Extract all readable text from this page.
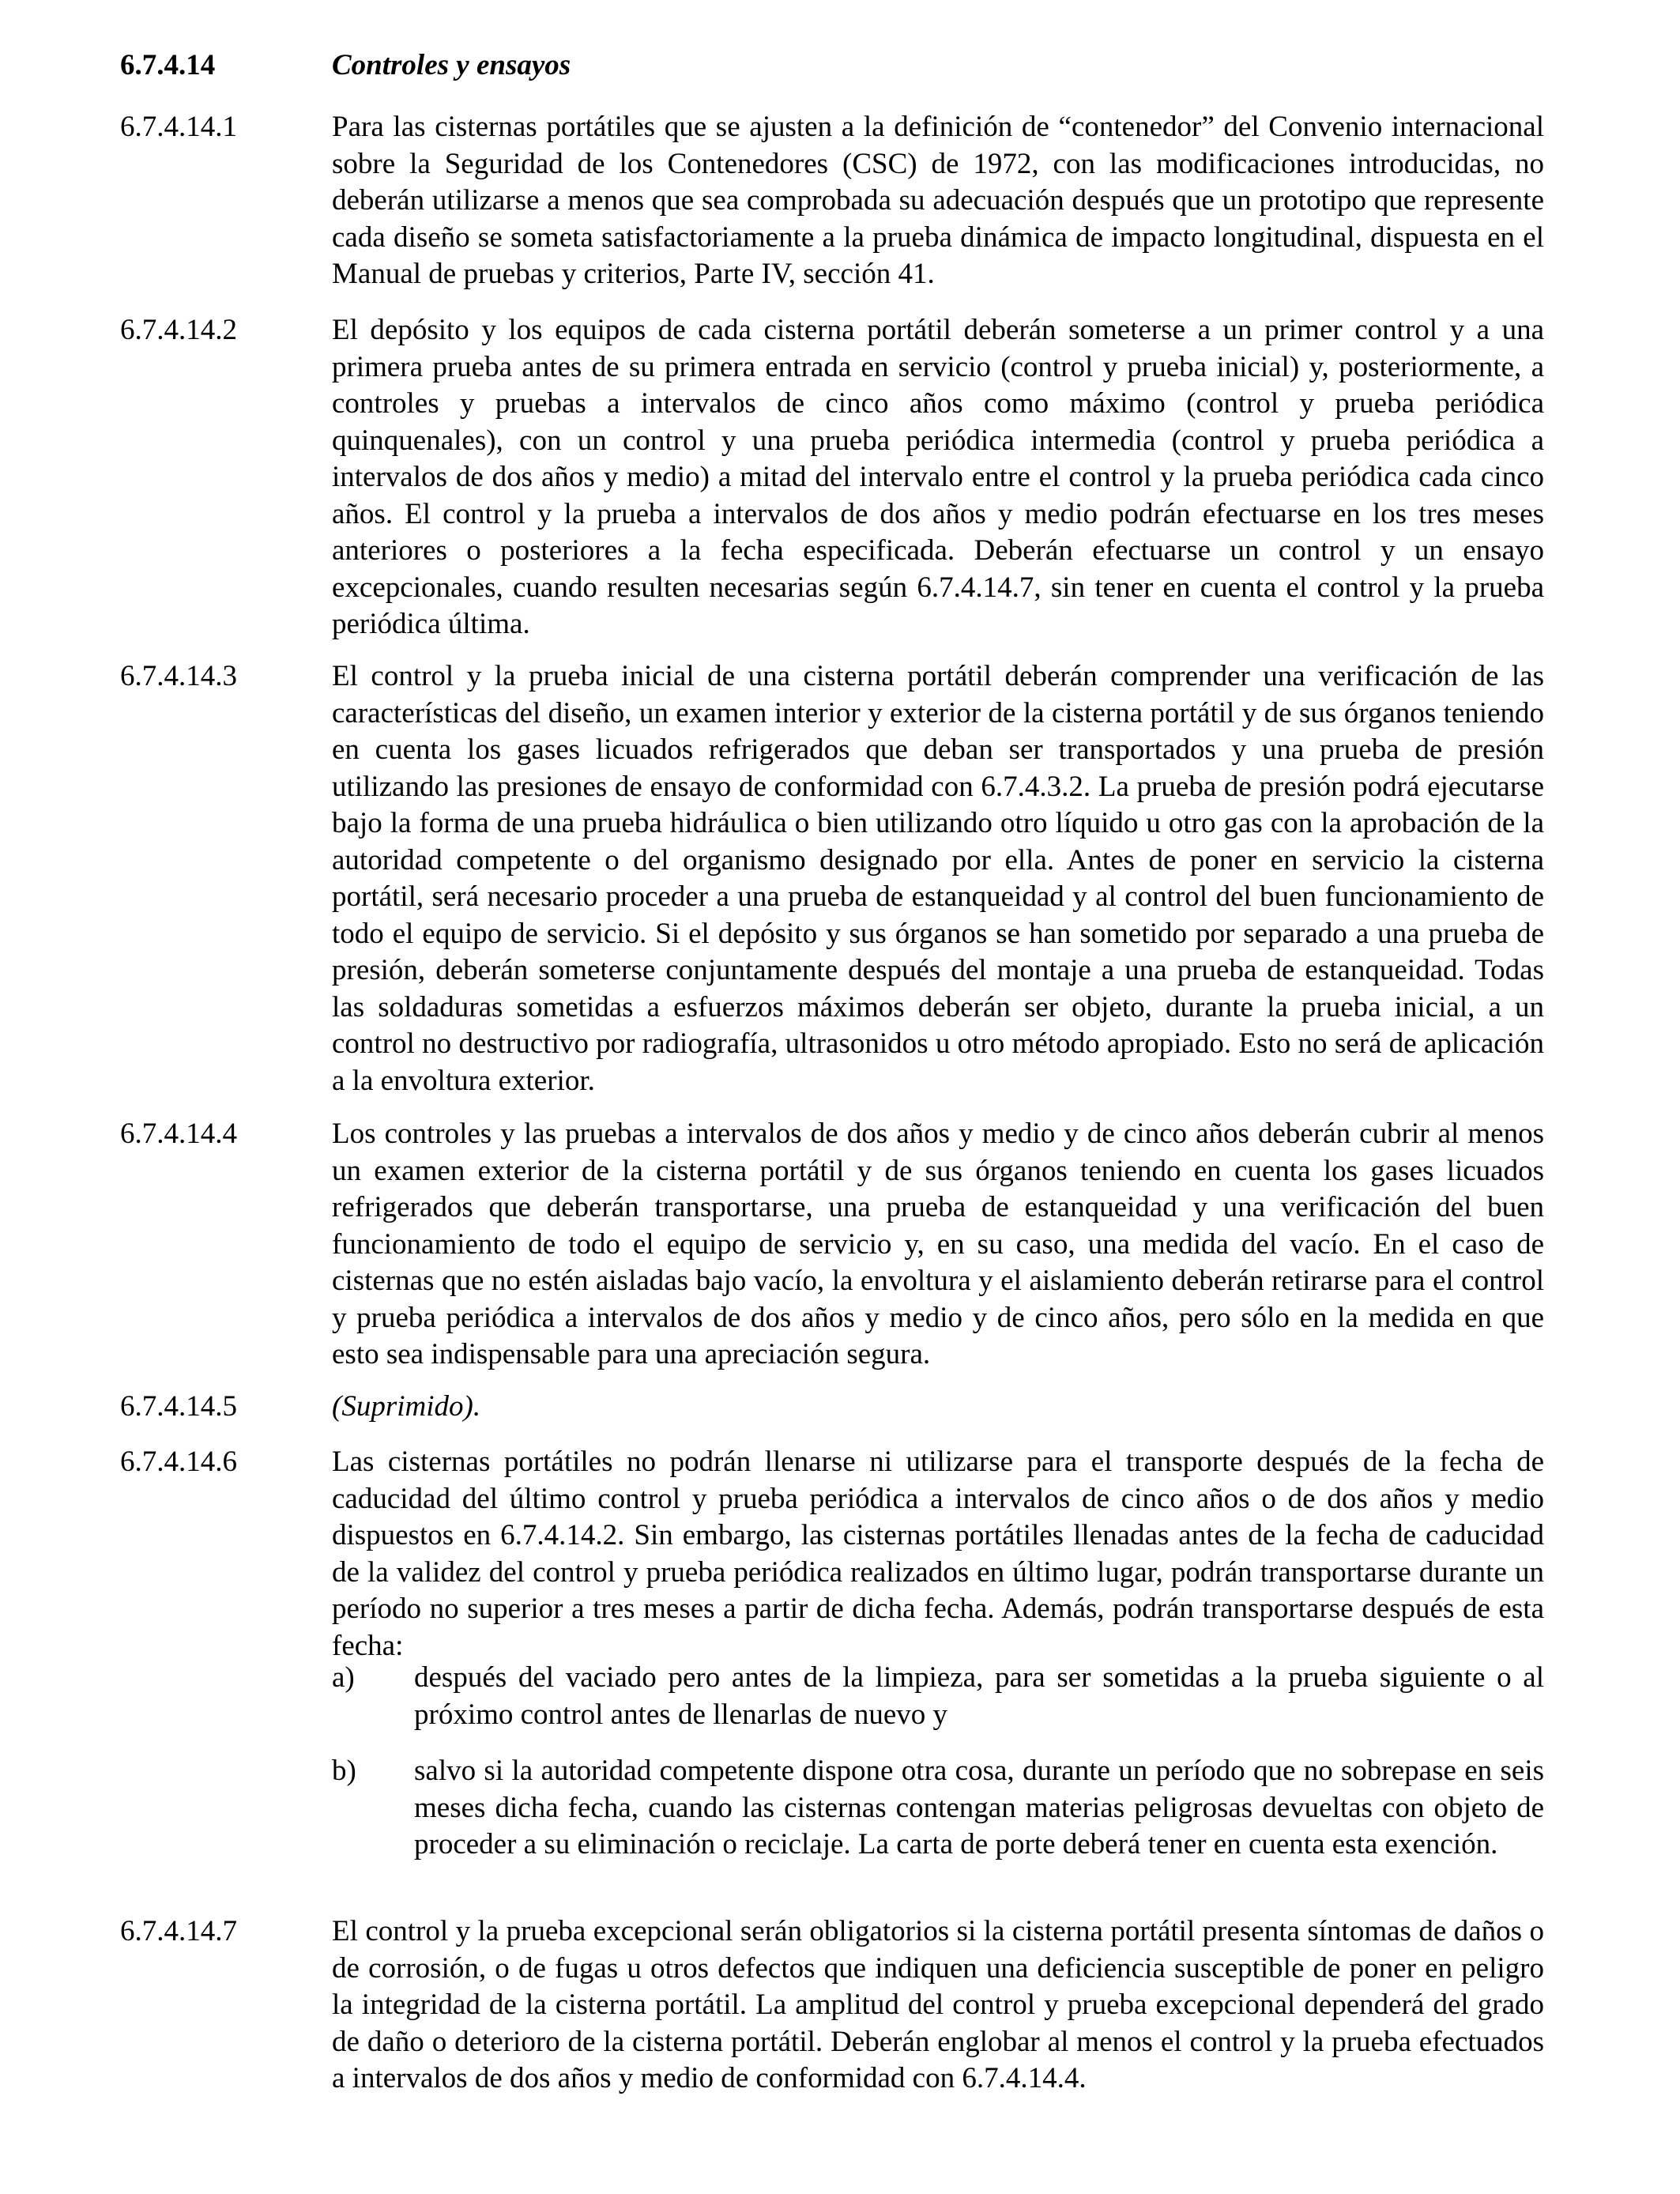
6.7.4.14	Controles y ensayos
6.7.4.14.1	Para las cisternas portátiles que se ajusten a la definición de “contenedor” del Convenio internacional sobre la Seguridad de los Contenedores (CSC) de 1972, con las modificaciones introducidas, no deberán utilizarse a menos que sea comprobada su adecuación después que un prototipo que represente cada diseño se someta satisfactoriamente a la prueba dinámica de impacto longitudinal, dispuesta en el Manual de pruebas y criterios, Parte IV, sección 41.
6.7.4.14.2	El depósito y los equipos de cada cisterna portátil deberán someterse a un primer control y a una primera prueba antes de su primera entrada en servicio (control y prueba inicial) y, posteriormente, a controles y pruebas a intervalos de cinco años como máximo (control y prueba periódica quinquenales), con un control y una prueba periódica intermedia (control y prueba periódica a intervalos de dos años y medio) a mitad del intervalo entre el control y la prueba periódica cada cinco años. El control y la prueba a intervalos de dos años y medio podrán efectuarse en los tres meses anteriores o posteriores a la fecha especificada. Deberán efectuarse un control y un ensayo excepcionales, cuando resulten necesarias según 6.7.4.14.7, sin tener en cuenta el control y la prueba periódica última.
6.7.4.14.3	El control y la prueba inicial de una cisterna portátil deberán comprender una verificación de las características del diseño, un examen interior y exterior de la cisterna portátil y de sus órganos teniendo en cuenta los gases licuados refrigerados que deban ser transportados y una prueba de presión utilizando las presiones de ensayo de conformidad con 6.7.4.3.2. La prueba de presión podrá ejecutarse bajo la forma de una prueba hidráulica o bien utilizando otro líquido u otro gas con la aprobación de la autoridad competente o del organismo designado por ella. Antes de poner en servicio la cisterna portátil, será necesario proceder a una prueba de estanqueidad y al control del buen funcionamiento de todo el equipo de servicio. Si el depósito y sus órganos se han sometido por separado a una prueba de presión, deberán someterse conjuntamente después del montaje a una prueba de estanqueidad. Todas las soldaduras sometidas a esfuerzos máximos deberán ser objeto, durante la prueba inicial, a un control no destructivo por radiografía, ultrasonidos u otro método apropiado. Esto no será de aplicación a la envoltura exterior.
6.7.4.14.4	Los controles y las pruebas a intervalos de dos años y medio y de cinco años deberán cubrir al menos un examen exterior de la cisterna portátil y de sus órganos teniendo en cuenta los gases licuados refrigerados que deberán transportarse, una prueba de estanqueidad y una verificación del buen funcionamiento de todo el equipo de servicio y, en su caso, una medida del vacío. En el caso de cisternas que no estén aisladas bajo vacío, la envoltura y el aislamiento deberán retirarse para el control y prueba periódica a intervalos de dos años y medio y de cinco años, pero sólo en la medida en que esto sea indispensable para una apreciación segura.
6.7.4.14.5	(Suprimido).
6.7.4.14.6	Las cisternas portátiles no podrán llenarse ni utilizarse para el transporte después de la fecha de caducidad del último control y prueba periódica a intervalos de cinco años o de dos años y medio dispuestos en 6.7.4.14.2. Sin embargo, las cisternas portátiles llenadas antes de la fecha de caducidad de la validez del control y prueba periódica realizados en último lugar, podrán transportarse durante un período no superior a tres meses a partir de dicha fecha. Además, podrán transportarse después de esta fecha:
a) después del vaciado pero antes de la limpieza, para ser sometidas a la prueba siguiente o al próximo control antes de llenarlas de nuevo y
b) salvo si la autoridad competente dispone otra cosa, durante un período que no sobrepase en seis meses dicha fecha, cuando las cisternas contengan materias peligrosas devueltas con objeto de proceder a su eliminación o reciclaje. La carta de porte deberá tener en cuenta esta exención.
6.7.4.14.7	El control y la prueba excepcional serán obligatorios si la cisterna portátil presenta síntomas de daños o de corrosión, o de fugas u otros defectos que indiquen una deficiencia susceptible de poner en peligro la integridad de la cisterna portátil. La amplitud del control y prueba excepcional dependerá del grado de daño o deterioro de la cisterna portátil. Deberán englobar al menos el control y la prueba efectuados a intervalos de dos años y medio de conformidad con 6.7.4.14.4.
